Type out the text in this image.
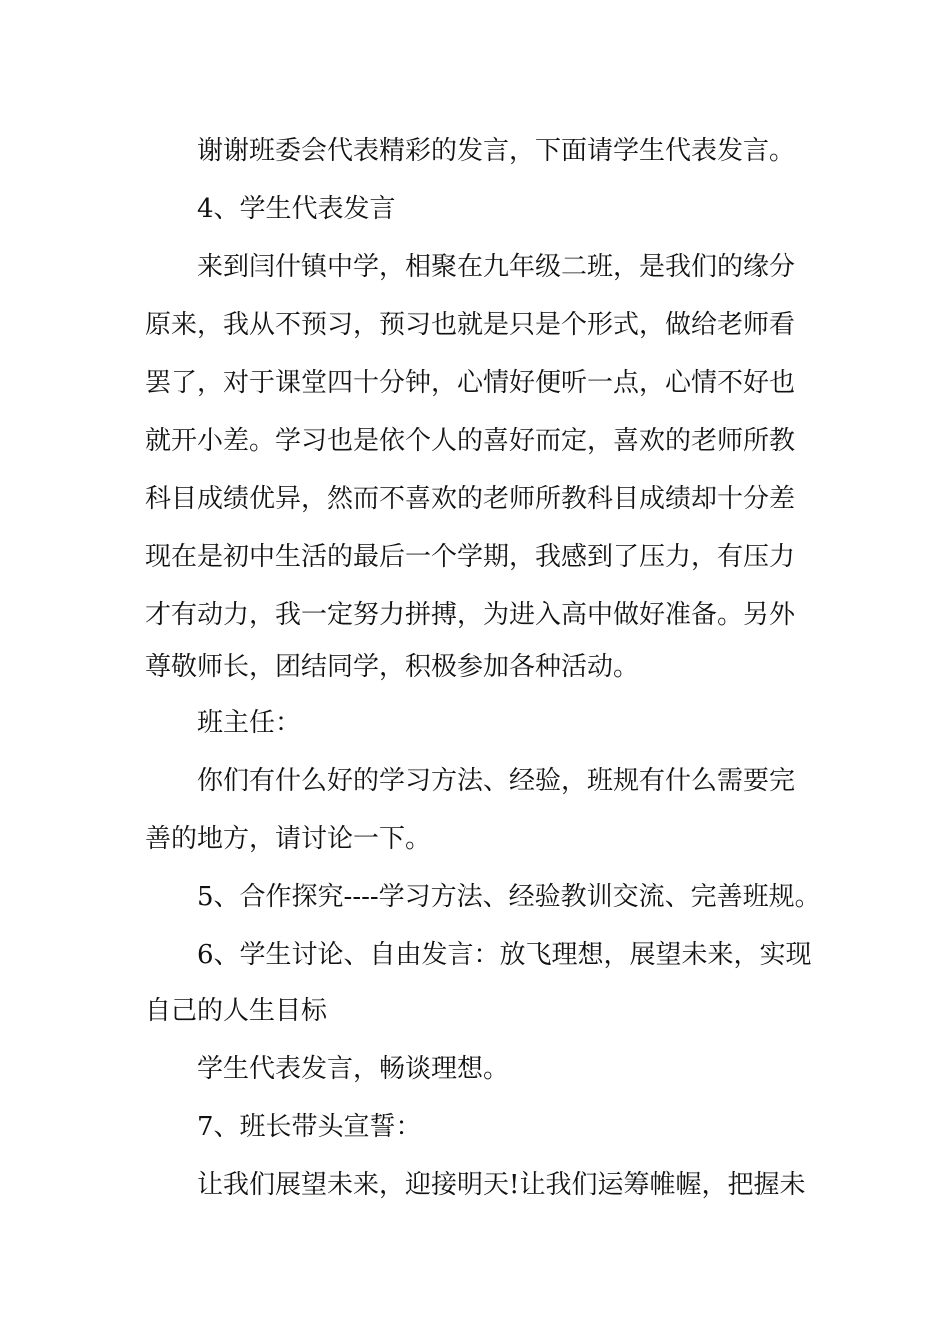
谢谢班委会代表精彩的发言，下面请学生代表发言。
4、学生代表发言
来到闫什镇中学，相聚在九年级二班，是我们的缘分
原来，我从不预习，预习也就是只是个形式，做给老师看
罢了，对于课堂四十分钟，心情好便听一点，心情不好也
就开小差。学习也是依个人的喜好而定，喜欢的老师所教
科目成绩优异，然而不喜欢的老师所教科目成绩却十分差
现在是初中生活的最后一个学期，我感到了压力，有压力
才有动力，我一定努力拼搏，为进入高中做好准备。另外
尊敬师长，团结同学，积极参加各种活动。
班主任：
你们有什么好的学习方法、经验，班规有什么需要完
善的地方，请讨论一下。
5、合作探究----学习方法、经验教训交流、完善班规。
6、学生讨论、自由发言：放飞理想，展望未来，实现
自己的人生目标
学生代表发言，畅谈理想。
7、班长带头宣誓：
让我们展望未来，迎接明天!让我们运筹帷幄，把握未
